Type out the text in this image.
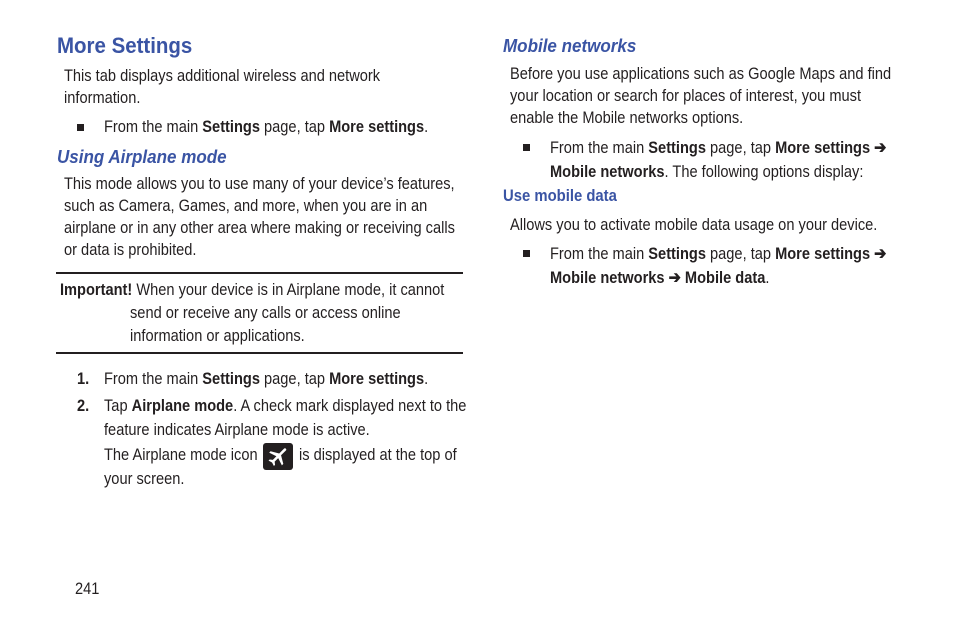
More Settings
This tab displays additional wireless and network
information.
From the main Settings page, tap More settings.
Using Airplane mode
This mode allows you to use many of your device’s features,
such as Camera, Games, and more, when you are in an
airplane or in any other area where making or receiving calls
or data is prohibited.
Important! When your device is in Airplane mode, it cannot
send or receive any calls or access online
information or applications.
1. From the main Settings page, tap More settings.
2. Tap Airplane mode. A check mark displayed next to the
feature indicates Airplane mode is active.
The Airplane mode icon	is displayed at the top of
your screen.
241
Mobile networks
Before you use applications such as Google Maps and find
your location or search for places of interest, you must
enable the Mobile networks options.
From the main Settings page, tap More settings ➔
Mobile networks. The following options display:
Use mobile data
Allows you to activate mobile data usage on your device.
From the main Settings page, tap More settings ➔
Mobile networks ➔ Mobile data.
